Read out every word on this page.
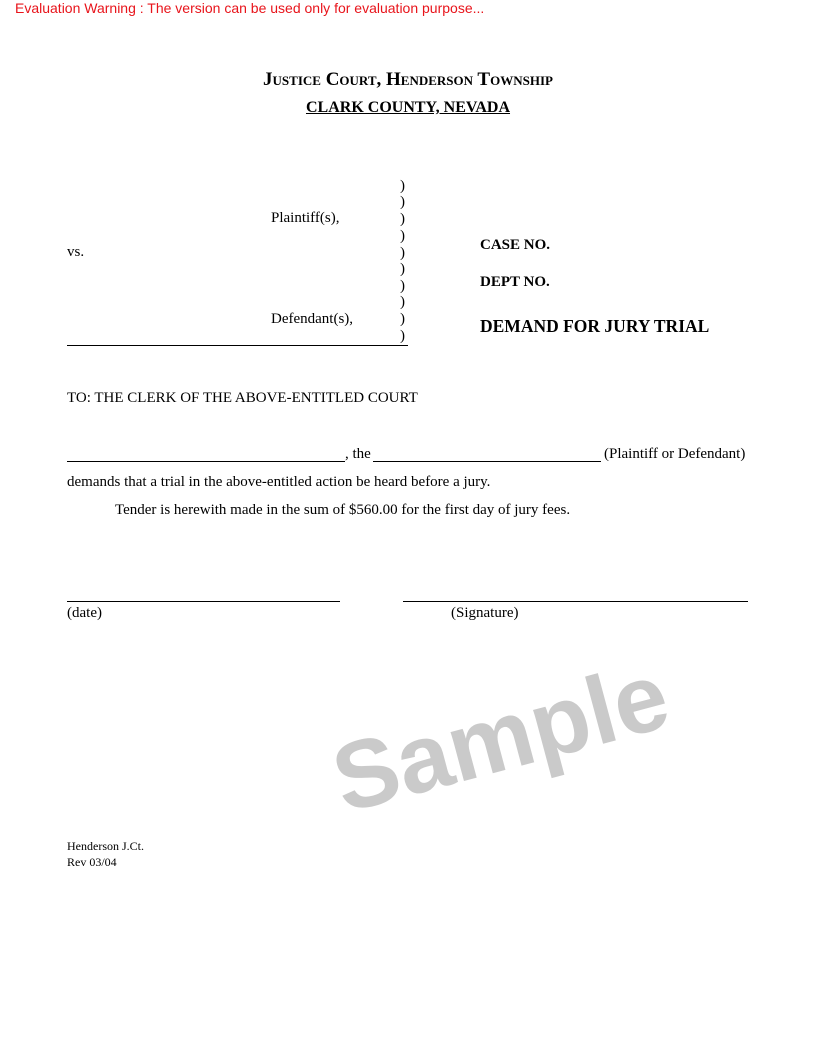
Evaluation Warning : The version can be used only for evaluation purpose...
Justice Court, Henderson Township
CLARK COUNTY, NEVADA
Plaintiff(s),
vs.
Defendant(s),
)
)
)
)
)
)
)
)
)
)
CASE NO.
DEPT NO.
DEMAND FOR JURY TRIAL
TO: THE CLERK OF THE ABOVE-ENTITLED COURT
, the	(Plaintiff or Defendant)
demands that a trial in the above-entitled action be heard before a jury.
Tender is herewith made in the sum of $560.00 for the first day of jury fees.
(date)	(Signature)
Sample
Henderson J.Ct.
Rev 03/04
